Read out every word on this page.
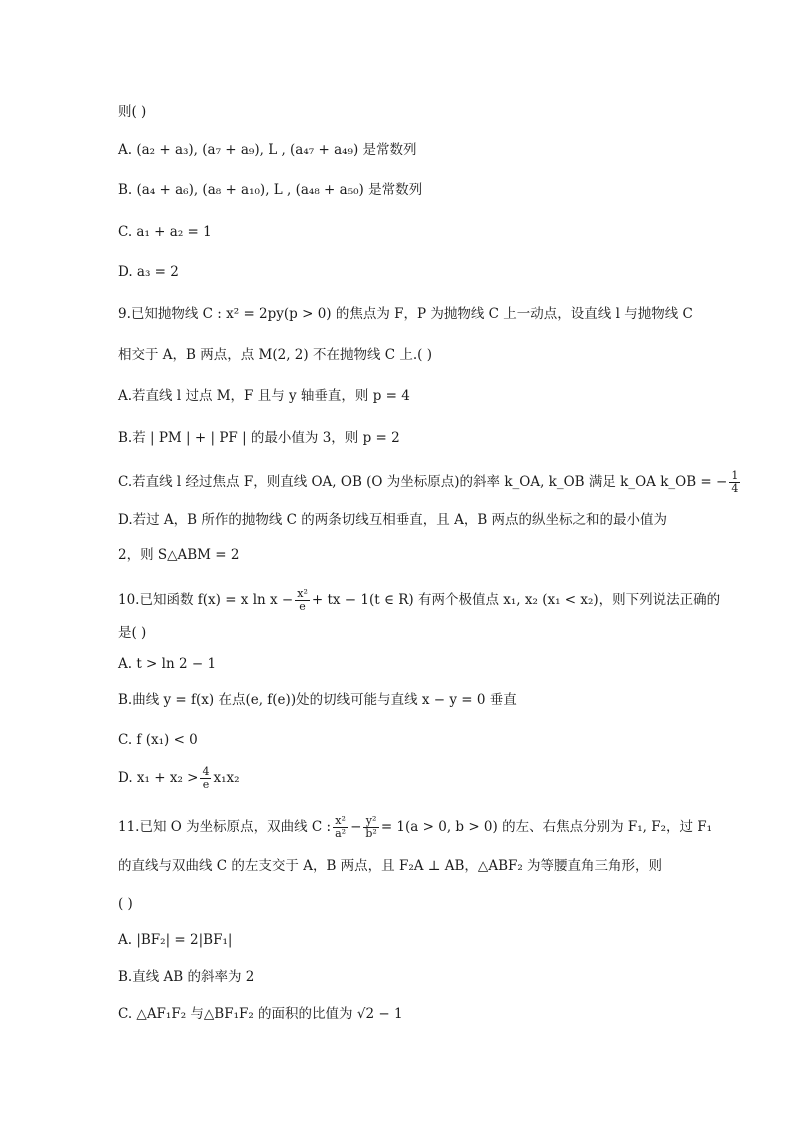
则( )
A. (a₂ + a₃), (a₇ + a₉), L , (a₄₇ + a₄₉) 是常数列
B. (a₄ + a₆), (a₈ + a₁₀), L , (a₄₈ + a₅₀) 是常数列
C. a₁ + a₂ = 1
D. a₃ = 2
9.已知抛物线 C : x² = 2py(p > 0) 的焦点为 F，P 为抛物线 C 上一动点，设直线 l 与抛物线 C
相交于 A，B 两点，点 M(2, 2) 不在抛物线 C 上.( )
A.若直线 l 过点 M，F 且与 y 轴垂直，则 p = 4
B.若 | PM | + | PF | 的最小值为 3，则 p = 2
C.若直线 l 经过焦点 F，则直线 OA, OB (O 为坐标原点)的斜率 k_OA, k_OB 满足 k_OA k_OB = − $\frac{1}{4}$
D.若过 A，B 所作的抛物线 C 的两条切线互相垂直，且 A，B 两点的纵坐标之和的最小值为
2，则 S△ABM = 2
10.已知函数 f(x) = x $\ln x - \frac{\text{x²}}{e}$ + tx − 1(t ∈ R) 有两个极值点 x₁, x₂ (x₁ < x₂)，则下列说法正确的
是( )
A. t > ln 2 − 1
B.曲线 y = f(x) 在点(e, f(e))处的切线可能与直线 x − y = 0 垂直
C. f (x₁) < 0
D. $x_1 + x_2 > \frac{4}{e} x_1x_2$
11.已知 O 为坐标原点，双曲线 C : $\frac{\text{x²}}{\text{a²}} - \frac{\text{y²}}{\text{b²}} = 1(a > 0$, b > 0) 的左、右焦点分别为 F₁, F₂，过 F₁
的直线与双曲线 C 的左支交于 A，B 两点，且 F₂A ⊥ AB，△ABF₂ 为等腰直角三角形，则
( )
A. |BF₂| = 2|BF₁|
B.直线 AB 的斜率为 2
C. △AF₁F₂ 与△BF₁F₂ 的面积的比值为 √2 − 1
